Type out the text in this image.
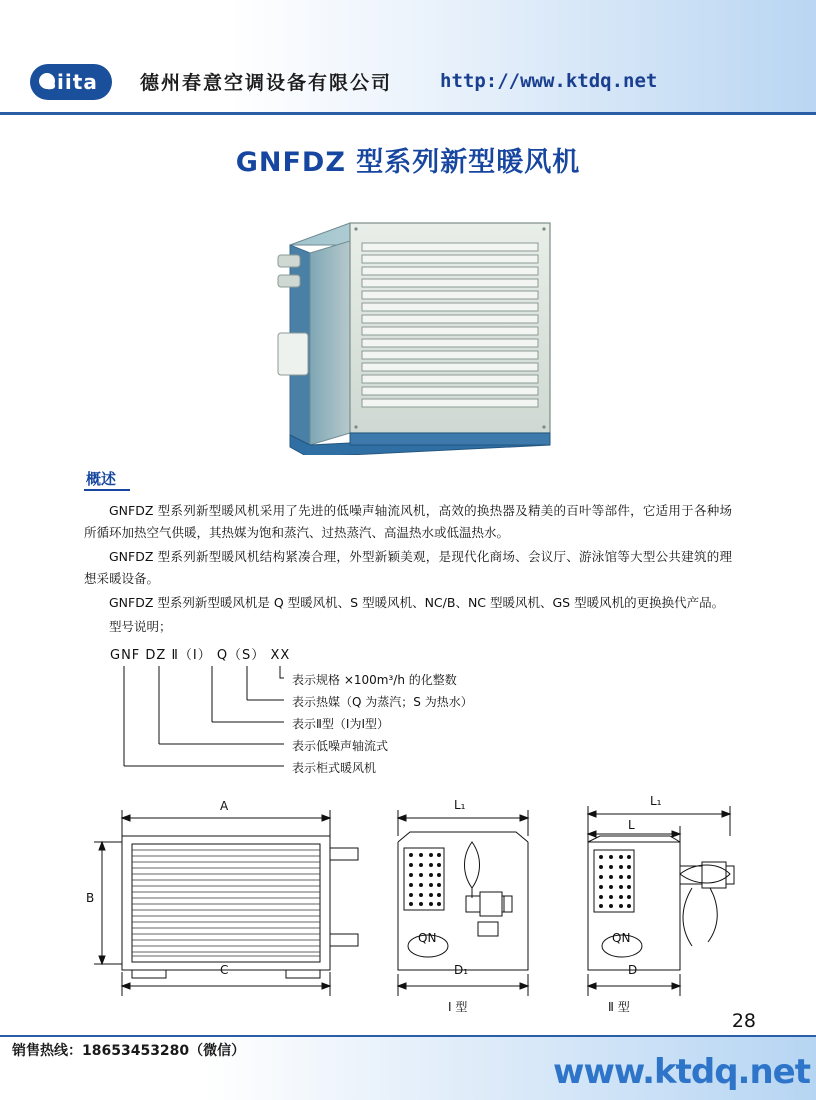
siita	德州春意空调设备有限公司	http://www.ktdq.net
GNFDZ 型系列新型暖风机
概述

GNFDZ 型系列新型暖风机采用了先进的低噪声轴流风机，高效的换热器及精美的百叶等部件，它适用于各种场所循环加热空气供暖，其热媒为饱和蒸汽、过热蒸汽、高温热水或低温热水。

GNFDZ 型系列新型暖风机结构紧凑合理，外型新颖美观，是现代化商场、会议厅、游泳馆等大型公共建筑的理想采暖设备。

GNFDZ 型系列新型暖风机是 Q 型暖风机、S 型暖风机、NC/B、NC 型暖风机、GS 型暖风机的更换换代产品。

型号说明；

GNF DZ Ⅱ（Ⅰ） Q（S） XX
表示规格 ×100m³/h 的化整数
表示热媒（Q 为蒸汽；S 为热水）
表示Ⅱ型（Ⅰ为Ⅰ型）
表示低噪声轴流式
表示柜式暖风机
A
B
C
L₁
D₁
QN
Ⅰ 型
L₁
L
D
QN
Ⅱ 型
28
销售热线：18653453280（微信）
www.ktdq.net
